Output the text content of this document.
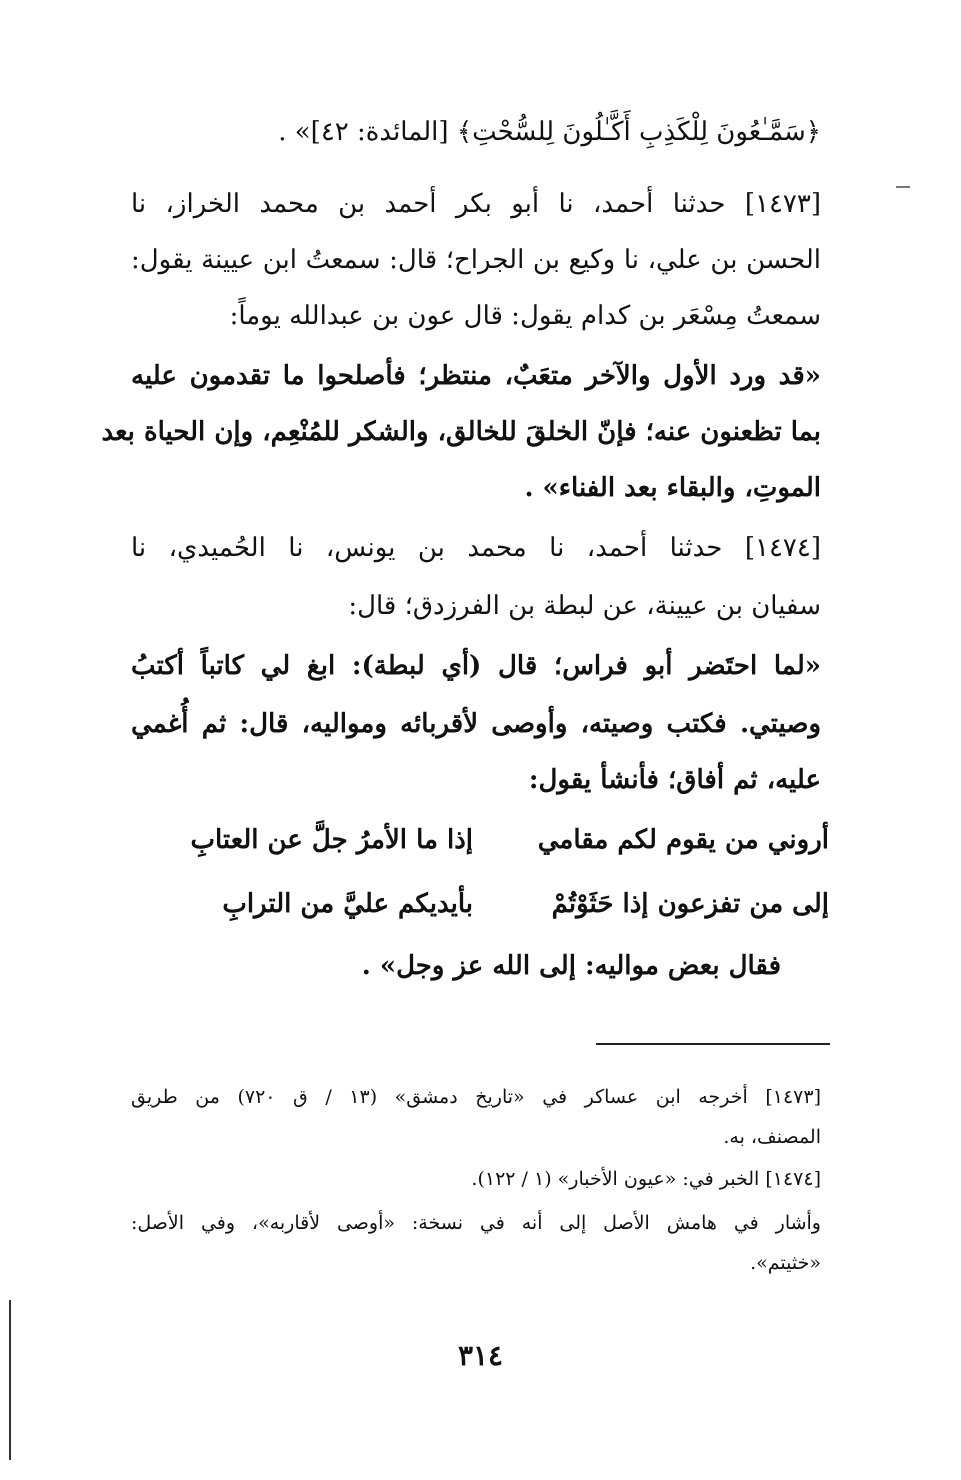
﴿سَمَّـٰعُونَ لِلْكَذِبِ أَكَّـٰلُونَ لِلسُّحْتِ﴾ [المائدة: ٤٢]» .
[١٤٧٣] حدثنا أحمد، نا أبو بكر أحمد بن محمد الخراز، نا
الحسن بن علي، نا وكيع بن الجراح؛ قال: سمعتُ ابن عيينة يقول:
سمعتُ مِسْعَر بن كدام يقول: قال عون بن عبدالله يوماً:
«قد ورد الأول والآخر متعَبٌ، منتظر؛ فأصلحوا ما تقدمون عليه
بما تظعنون عنه؛ فإنّ الخلقَ للخالق، والشكر للمُنْعِم، وإن الحياة بعد
الموتِ، والبقاء بعد الفناء» .
[١٤٧٤] حدثنا أحمد، نا محمد بن يونس، نا الحُميدي، نا
سفيان بن عيينة، عن لبطة بن الفرزدق؛ قال:
«لما احتَضر أبو فراس؛ قال (أي لبطة): ابغ لي كاتباً أكتبُ
وصيتي. فكتب وصيته، وأوصى لأقربائه ومواليه، قال: ثم أُغمي
عليه، ثم أفاق؛ فأنشأ يقول:
أروني من يقوم لكم مقامي
إذا ما الأمرُ جلَّ عن العتابِ
إلى من تفزعون إذا حَثَوْتُمْ
بأيديكم عليَّ من الترابِ
فقال بعض مواليه: إلى الله عز وجل» .
[١٤٧٣] أخرجه ابن عساكر في «تاريخ دمشق» (١٣ / ق ٧٢٠) من طريق
المصنف، به.
[١٤٧٤] الخبر في: «عيون الأخبار» (١ / ١٢٢).
وأشار في هامش الأصل إلى أنه في نسخة: «أوصى لأقاربه»، وفي الأصل:
«خثيتم».
٣١٤
